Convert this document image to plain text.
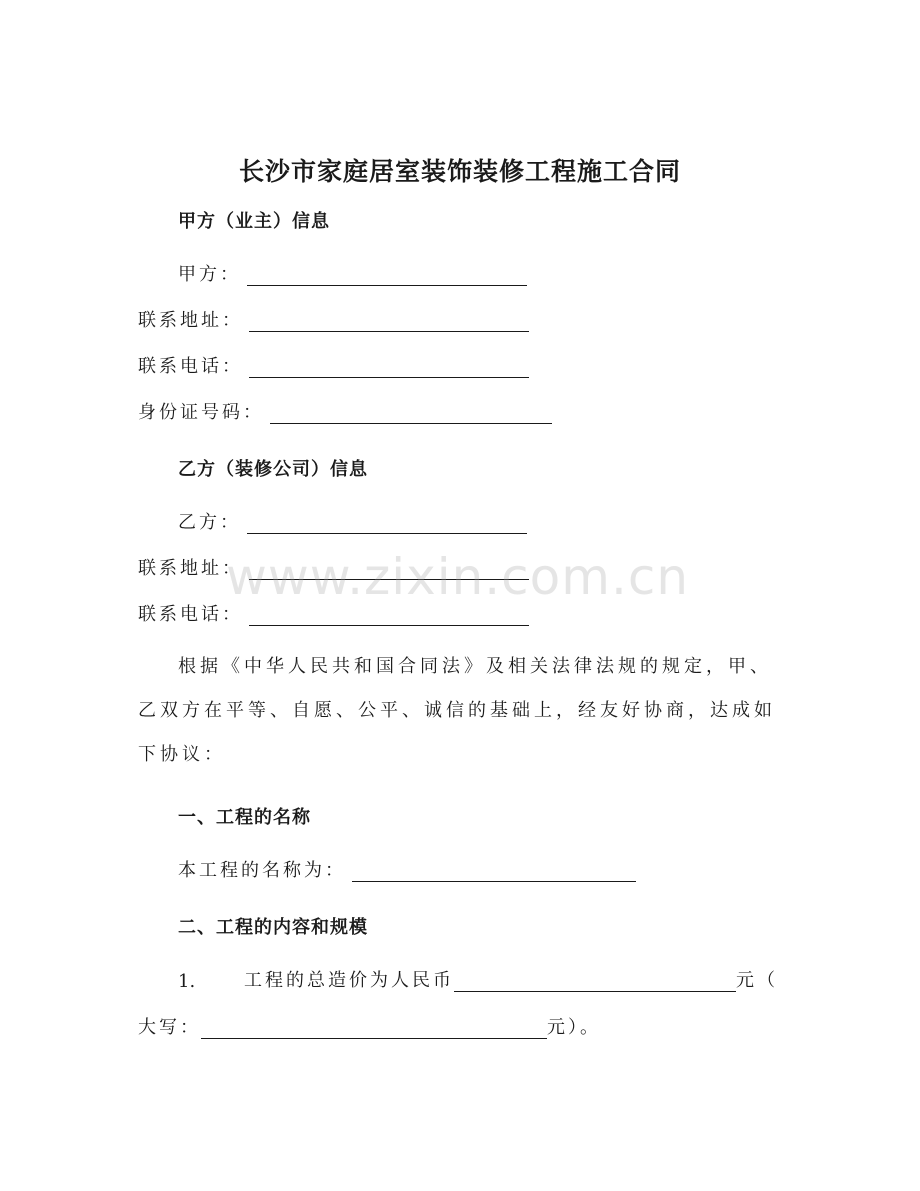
长沙市家庭居室装饰装修工程施工合同
甲方（业主）信息
甲方：
联系地址：
联系电话：
身份证号码：
乙方（装修公司）信息
乙方：
联系地址：
联系电话：
根据《中华人民共和国合同法》及相关法律法规的规定，甲、乙双方在平等、自愿、公平、诚信的基础上，经友好协商，达成如下协议：
一、工程的名称
本工程的名称为：
二、工程的内容和规模
1.	工程的总造价为人民币	元（
大写：	元）。
www.zixin.com.cn
